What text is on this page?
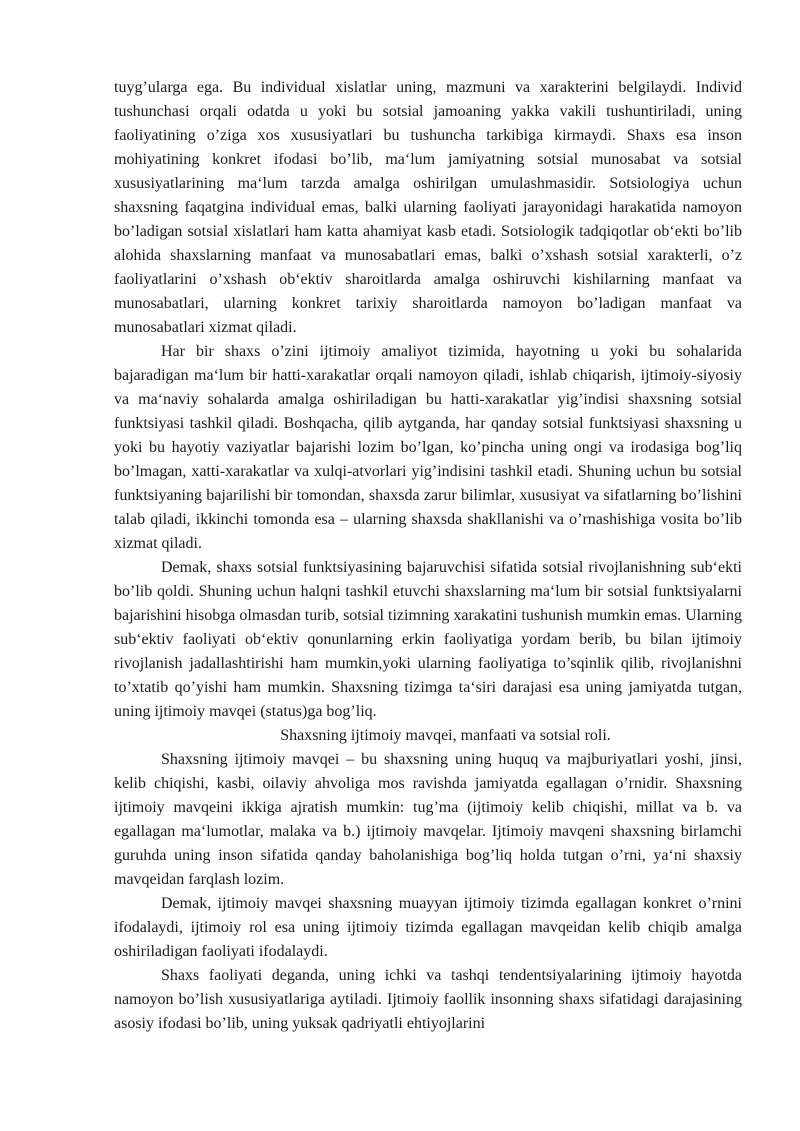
tuyg’ularga ega. Bu individual xislatlar uning, mazmuni va xarakterini belgilaydi. Individ tushunchasi orqali odatda u yoki bu sotsial jamoaning yakka vakili tushuntiriladi, uning faoliyatining o’ziga xos xususiyatlari bu tushuncha tarkibiga kirmaydi. Shaxs esa inson mohiyatining konkret ifodasi bo’lib, ma‘lum jamiyatning sotsial munosabat va sotsial xususiyatlarining ma‘lum tarzda amalga oshirilgan umulashmasidir. Sotsiologiya uchun shaxsning faqatgina individual emas, balki ularning faoliyati jarayonidagi harakatida namoyon bo’ladigan sotsial xislatlari ham katta ahamiyat kasb etadi. Sotsiologik tadqiqotlar ob‘ekti bo’lib alohida shaxslarning manfaat va munosabatlari emas, balki o’xshash sotsial xarakterli, o’z faoliyatlarini o’xshash ob‘ektiv sharoitlarda amalga oshiruvchi kishilarning manfaat va munosabatlari, ularning konkret tarixiy sharoitlarda namoyon bo’ladigan manfaat va munosabatlari xizmat qiladi.

Har bir shaxs o’zini ijtimoiy amaliyot tizimida, hayotning u yoki bu sohalarida bajaradigan ma‘lum bir hatti-xarakatlar orqali namoyon qiladi, ishlab chiqarish, ijtimoiy-siyosiy va ma‘naviy sohalarda amalga oshiriladigan bu hatti-xarakatlar yig’indisi shaxsning sotsial funktsiyasi tashkil qiladi. Boshqacha, qilib aytganda, har qanday sotsial funktsiyasi shaxsning u yoki bu hayotiy vaziyatlar bajarishi lozim bo’lgan, ko’pincha uning ongi va irodasiga bog’liq bo’lmagan, xatti-xarakatlar va xulqi-atvorlari yig’indisini tashkil etadi. Shuning uchun bu sotsial funktsiyaning bajarilishi bir tomondan, shaxsda zarur bilimlar, xususiyat va sifatlarning bo’lishini talab qiladi, ikkinchi tomonda esa – ularning shaxsda shakllanishi va o’rnashishiga vosita bo’lib xizmat qiladi.

Demak, shaxs sotsial funktsiyasining bajaruvchisi sifatida sotsial rivojlanishning sub‘ekti bo’lib qoldi. Shuning uchun halqni tashkil etuvchi shaxslarning ma‘lum bir sotsial funktsiyalarni bajarishini hisobga olmasdan turib, sotsial tizimning xarakatini tushunish mumkin emas. Ularning sub‘ektiv faoliyati ob‘ektiv qonunlarning erkin faoliyatiga yordam berib, bu bilan ijtimoiy rivojlanish jadallashtirishi ham mumkin,yoki ularning faoliyatiga to’sqinlik qilib, rivojlanishni to’xtatib qo’yishi ham mumkin. Shaxsning tizimga ta‘siri darajasi esa uning jamiyatda tutgan, uning ijtimoiy mavqei (status)ga bog’liq.

Shaxsning ijtimoiy mavqei, manfaati va sotsial roli.

Shaxsning ijtimoiy mavqei – bu shaxsning uning huquq va majburiyatlari yoshi, jinsi, kelib chiqishi, kasbi, oilaviy ahvoliga mos ravishda jamiyatda egallagan o’rnidir. Shaxsning ijtimoiy mavqeini ikkiga ajratish mumkin: tug’ma (ijtimoiy kelib chiqishi, millat va b. va egallagan ma‘lumotlar, malaka va b.) ijtimoiy mavqelar. Ijtimoiy mavqeni shaxsning birlamchi guruhda uning inson sifatida qanday baholanishiga bog’liq holda tutgan o’rni, ya‘ni shaxsiy mavqeidan farqlash lozim.

Demak, ijtimoiy mavqei shaxsning muayyan ijtimoiy tizimda egallagan konkret o’rnini ifodalaydi, ijtimoiy rol esa uning ijtimoiy tizimda egallagan mavqeidan kelib chiqib amalga oshiriladigan faoliyati ifodalaydi.

Shaxs faoliyati deganda, uning ichki va tashqi tendentsiyalarining ijtimoiy hayotda namoyon bo’lish xususiyatlariga aytiladi. Ijtimoiy faollik insonning shaxs sifatidagi darajasining asosiy ifodasi bo’lib, uning yuksak qadriyatli ehtiyojlarini
